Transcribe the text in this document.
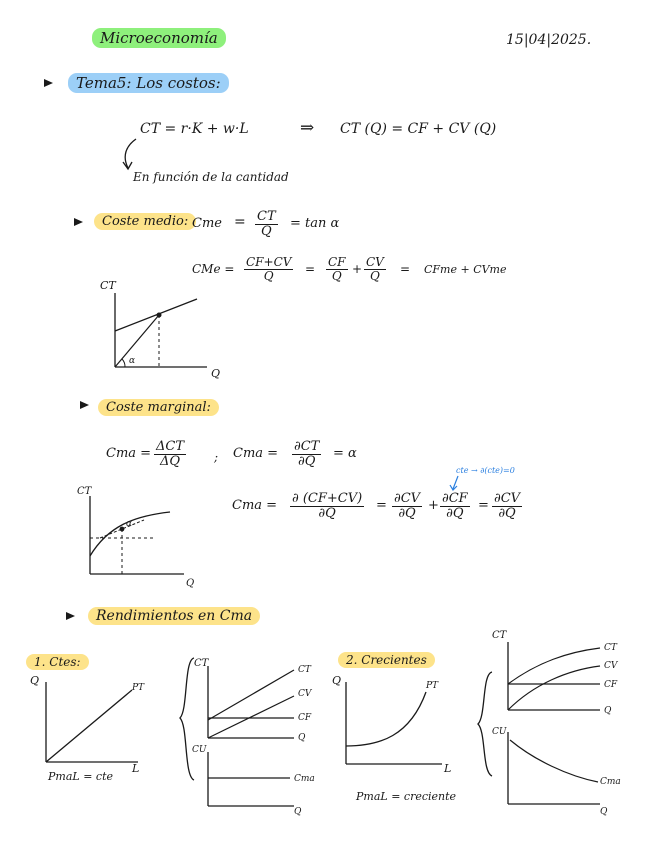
Microeconomía	15|04|2025.
Tema5: Los costos:
CT = r·K + w·L	⇒ CT (Q) = CF + CV (Q)
En función de la cantidad
Coste medio: Cme = $\frac{CT}{Q} = \tan \alpha$
CMe = $\frac{CF+CV}{Q} = \frac{CF}{Q} + \frac{CV}{Q}$ = CFme + CVme
CT
Q
α
Coste marginal:
Cma = ΔCT
ΔQ	; Cma = $\frac{\partial CT}{\partial Q} = \alpha$
cte → ∂(cte)=0
Cma = $\frac{\partial (CF+CV)}{\partial Q} = \frac{\partial CV}{\partial Q} + \frac{\partial CF}{\partial Q} = \frac{\partial CV}{\partial Q}$
CT
Q
α
Rendimientos en Cma
1. Ctes:
Q
L
PT
PmaL = cte
CT
CT
CV
CF
Q
CU
Cma
Q
2. Crecientes
Q
L
PT
PmaL = creciente
CT
CT
CV
CF
Q
CU
Cma
Q
